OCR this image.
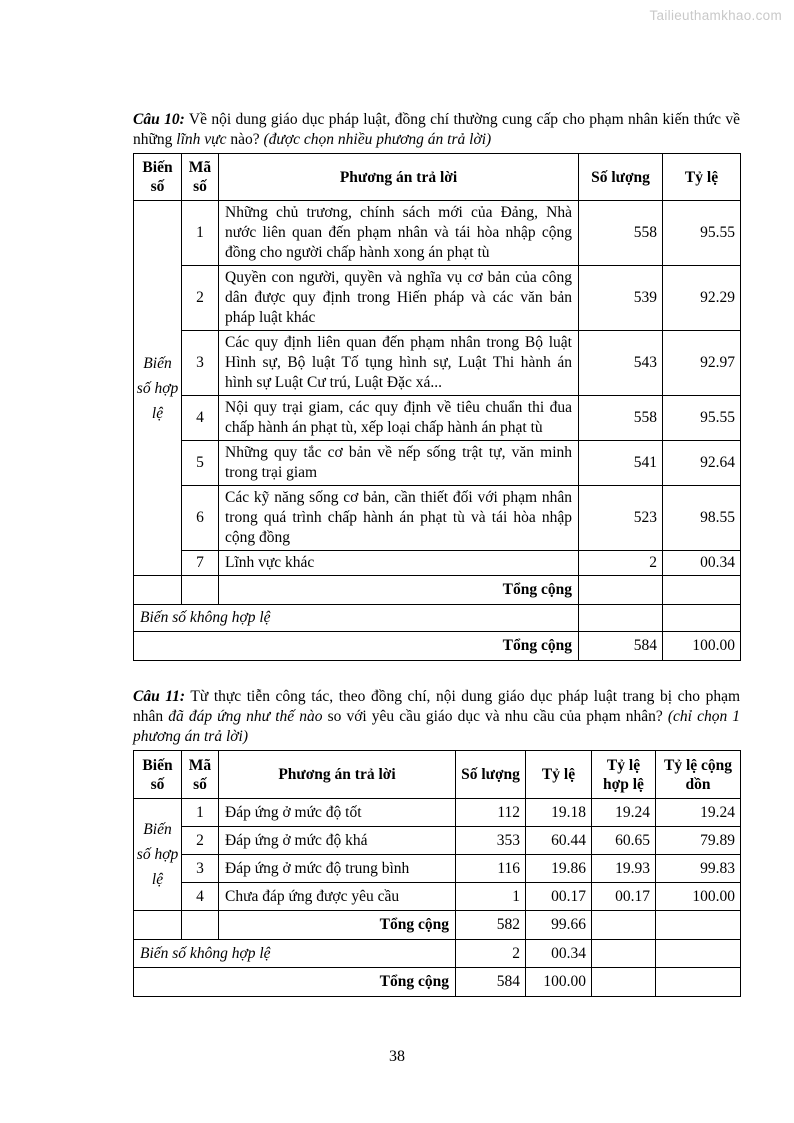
Tailieuthamkhao.com

Câu 10: Về nội dung giáo dục pháp luật, đồng chí thường cung cấp cho phạm nhân kiến thức về những lĩnh vực nào? (được chọn nhiều phương án trả lời)

Biến số	Mã số	Phương án trả lời	Số lượng	Tỷ lệ
Biến số hợp lệ	1	Những chủ trương, chính sách mới của Đảng, Nhà nước liên quan đến phạm nhân và tái hòa nhập cộng đồng cho người chấp hành xong án phạt tù	558	95.55
	2	Quyền con người, quyền và nghĩa vụ cơ bản của công dân được quy định trong Hiến pháp và các văn bản pháp luật khác	539	92.29
	3	Các quy định liên quan đến phạm nhân trong Bộ luật Hình sự, Bộ luật Tố tụng hình sự, Luật Thi hành án hình sự Luật Cư trú, Luật Đặc xá...	543	92.97
	4	Nội quy trại giam, các quy định về tiêu chuẩn thi đua chấp hành án phạt tù, xếp loại chấp hành án phạt tù	558	95.55
	5	Những quy tắc cơ bản về nếp sống trật tự, văn minh trong trại giam	541	92.64
	6	Các kỹ năng sống cơ bản, cần thiết đối với phạm nhân trong quá trình chấp hành án phạt tù và tái hòa nhập cộng đồng	523	98.55
	7	Lĩnh vực khác	2	00.34
		Tổng cộng		
Biến số không hợp lệ				
Tổng cộng			584	100.00

Câu 11: Từ thực tiễn công tác, theo đồng chí, nội dung giáo dục pháp luật trang bị cho phạm nhân đã đáp ứng như thế nào so với yêu cầu giáo dục và nhu cầu của phạm nhân? (chỉ chọn 1 phương án trả lời)

Biến số	Mã số	Phương án trả lời	Số lượng	Tỷ lệ	Tỷ lệ hợp lệ	Tỷ lệ cộng dồn
Biến số hợp lệ	1	Đáp ứng ở mức độ tốt	112	19.18	19.24	19.24
	2	Đáp ứng ở mức độ khá	353	60.44	60.65	79.89
	3	Đáp ứng ở mức độ trung bình	116	19.86	19.93	99.83
	4	Chưa đáp ứng được yêu cầu	1	00.17	00.17	100.00
		Tổng cộng	582	99.66		
Biến số không hợp lệ			2	00.34		
Tổng cộng			584	100.00		
38
